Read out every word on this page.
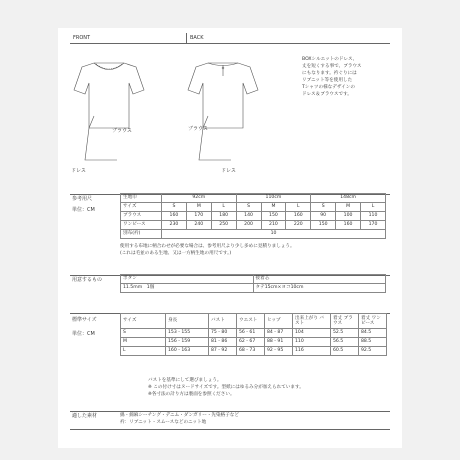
FRONT	BACK
ブラウス
ドレス
ブラウス
ドレス
BOXシルエットのドレス、
丈を短くする事で、ブラウス
にもなります。衿ぐりには
リブニット等を使用した
Tシャツの様なデザインの
ドレス＆ブラウスです。
参考用尺
単位：CM
生地巾	92cm			110cm			148cm		
サイズ	S	M	L	S	M	L	S	M	L
ブラウス	160	170	180	140	150	160	90	100	110
ワンピース	230	240	250	200	210	220	150	160	170
別布(衿)	10								
使用する布地に柄合わせが必要な場合は、参考用尺より少し多めに見積りましょう。
(これは毛並のある生地、又は一方柄生地の用尺です。)
用意するもの	ボタン	接着芯
11.5mm　1個	タテ15cm×ヨコ10cm
標準サイズ
単位：CM
サイズ	身長	バスト	ウエスト	ヒップ	出来上がり バスト	着丈 ブラウス	着丈 ワンピース
S	153 - 155	75 - 80	56 - 61	84 - 87	104	52.5	84.5
M	156 - 159	81 - 86	62 - 67	88 - 91	110	56.5	88.5
L	160 - 163	87 - 92	68 - 73	92 - 95	116	60.5	92.5
バストを基準にして選びましょう。
※ この付け寸はヌードサイズです。型紙にはゆるみ分が加えられています。
※各寸法の計り方は裏面を参照ください。
適した素材	綿・綿麻シーチング・デニム・ダンガリー・先染格子など
衿：リブニット・スムースなどのニット地
